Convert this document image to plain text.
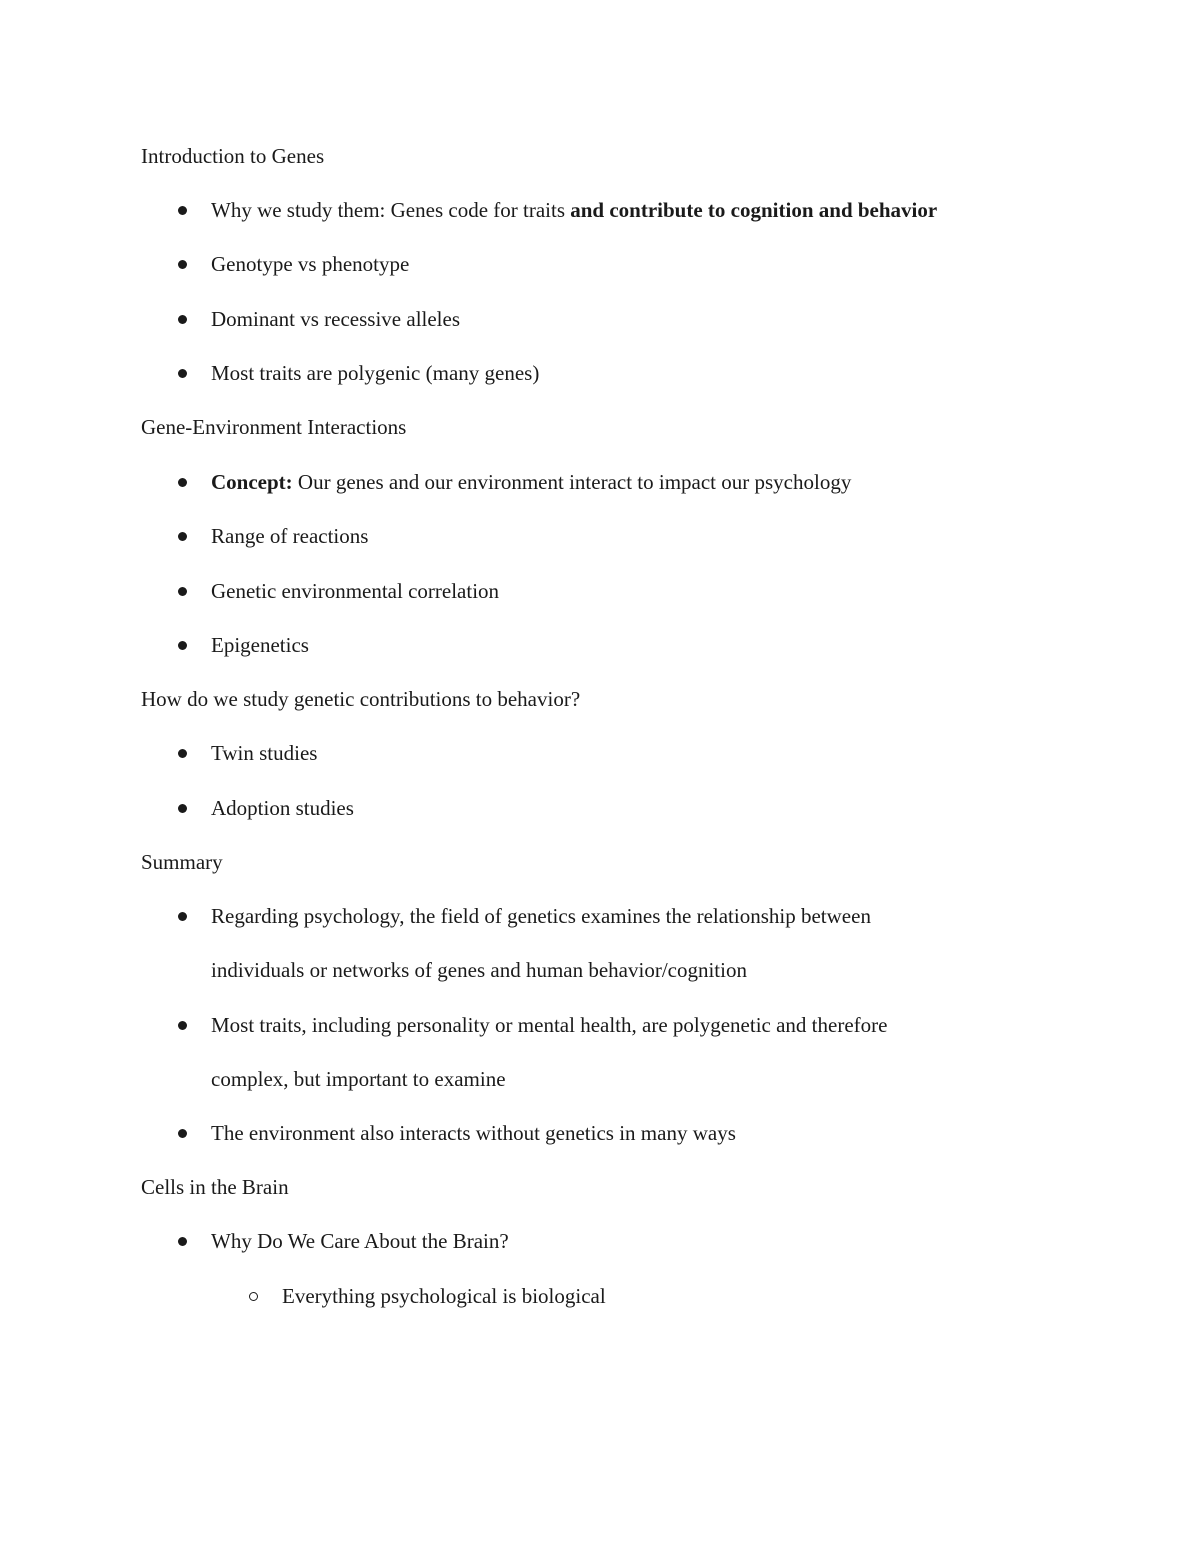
Introduction to Genes
Why we study them: Genes code for traits and contribute to cognition and behavior
Genotype vs phenotype
Dominant vs recessive alleles
Most traits are polygenic (many genes)
Gene-Environment Interactions
Concept: Our genes and our environment interact to impact our psychology
Range of reactions
Genetic environmental correlation
Epigenetics
How do we study genetic contributions to behavior?
Twin studies
Adoption studies
Summary
Regarding psychology, the field of genetics examines the relationship between
individuals or networks of genes and human behavior/cognition
Most traits, including personality or mental health, are polygenetic and therefore
complex, but important to examine
The environment also interacts without genetics in many ways
Cells in the Brain
Why Do We Care About the Brain?
Everything psychological is biological
